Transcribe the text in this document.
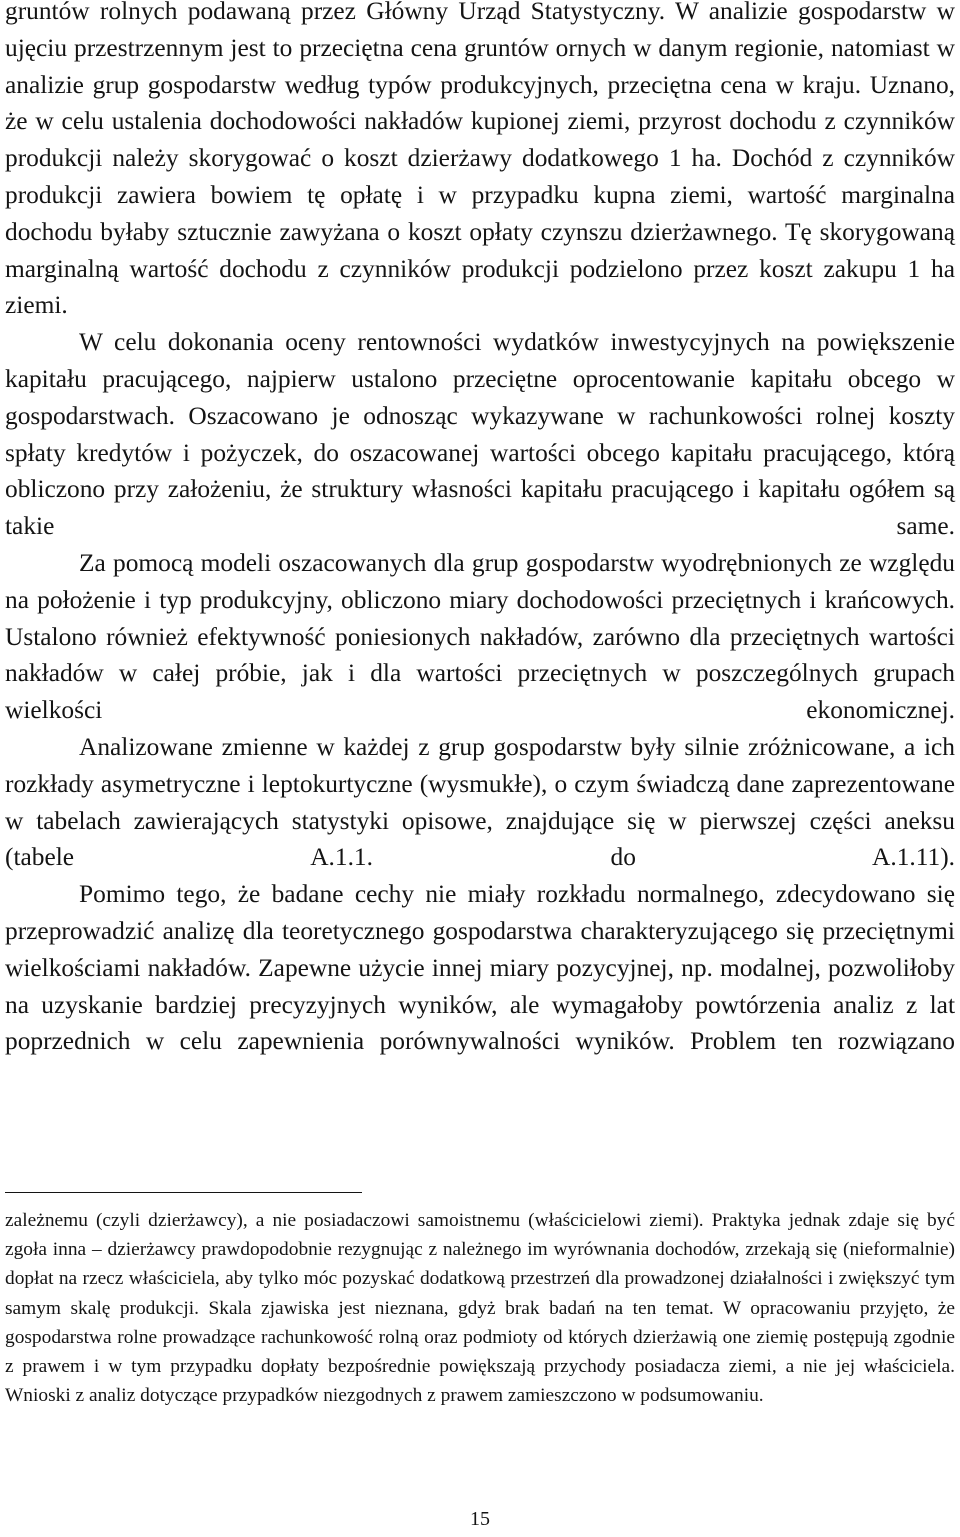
gruntów rolnych podawaną przez Główny Urząd Statystyczny. W analizie gospodarstw w ujęciu przestrzennym jest to przeciętna cena gruntów ornych w danym regionie, natomiast w analizie grup gospodarstw według typów produkcyjnych, przeciętna cena w kraju. Uznano, że w celu ustalenia dochodowości nakładów kupionej ziemi, przyrost dochodu z czynników produkcji należy skorygować o koszt dzierżawy dodatkowego 1 ha. Dochód z czynników produkcji zawiera bowiem tę opłatę i w przypadku kupna ziemi, wartość marginalna dochodu byłaby sztucznie zawyżana o koszt opłaty czynszu dzierżawnego. Tę skorygowaną marginalną wartość dochodu z czynników produkcji podzielono przez koszt zakupu 1 ha ziemi.

W celu dokonania oceny rentowności wydatków inwestycyjnych na powiększenie kapitału pracującego, najpierw ustalono przeciętne oprocentowanie kapitału obcego w gospodarstwach. Oszacowano je odnosząc wykazywane w rachunkowości rolnej koszty spłaty kredytów i pożyczek, do oszacowanej wartości obcego kapitału pracującego, którą obliczono przy założeniu, że struktury własności kapitału pracującego i kapitału ogółem są takie same.

Za pomocą modeli oszacowanych dla grup gospodarstw wyodrębnionych ze względu na położenie i typ produkcyjny, obliczono miary dochodowości przeciętnych i krańcowych. Ustalono również efektywność poniesionych nakładów, zarówno dla przeciętnych wartości nakładów w całej próbie, jak i dla wartości przeciętnych w poszczególnych grupach wielkości ekonomicznej.

Analizowane zmienne w każdej z grup gospodarstw były silnie zróżnicowane, a ich rozkłady asymetryczne i leptokurtyczne (wysmukłe), o czym świadczą dane zaprezentowane w tabelach zawierających statystyki opisowe, znajdujące się w pierwszej części aneksu (tabele A.1.1. do A.1.11).

Pomimo tego, że badane cechy nie miały rozkładu normalnego, zdecydowano się przeprowadzić analizę dla teoretycznego gospodarstwa charakteryzującego się przeciętnymi wielkościami nakładów. Zapewne użycie innej miary pozycyjnej, np. modalnej, pozwoliłoby na uzyskanie bardziej precyzyjnych wyników, ale wymagałoby powtórzenia analiz z lat poprzednich w celu zapewnienia porównywalności wyników. Problem ten rozwiązano

zależnemu (czyli dzierżawcy), a nie posiadaczowi samoistnemu (właścicielowi ziemi). Praktyka jednak zdaje się być zgoła inna – dzierżawcy prawdopodobnie rezygnując z należnego im wyrównania dochodów, zrzekają się (nieformalnie) dopłat na rzecz właściciela, aby tylko móc pozyskać dodatkową przestrzeń dla prowadzonej działalności i zwiększyć tym samym skalę produkcji. Skala zjawiska jest nieznana, gdyż brak badań na ten temat. W opracowaniu przyjęto, że gospodarstwa rolne prowadzące rachunkowość rolną oraz podmioty od których dzierżawią one ziemię postępują zgodnie z prawem i w tym przypadku dopłaty bezpośrednie powiększają przychody posiadacza ziemi, a nie jej właściciela. Wnioski z analiz dotyczące przypadków niezgodnych z prawem zamieszczono w podsumowaniu.

15
